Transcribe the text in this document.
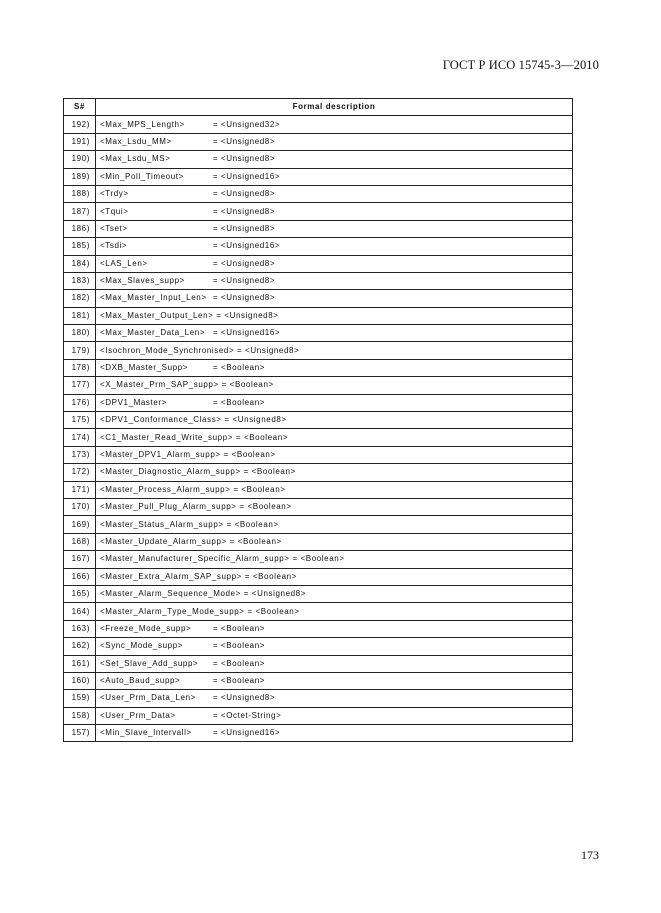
ГОСТ Р ИСО 15745-3—2010
S#	Formal description
192)	<Max_MPS_Length> = <Unsigned32>
191)	<Max_Lsdu_MM> = <Unsigned8>
190)	<Max_Lsdu_MS> = <Unsigned8>
189)	<Min_Poll_Timeout> = <Unsigned16>
188)	<Trdy> = <Unsigned8>
187)	<Tqui> = <Unsigned8>
186)	<Tset> = <Unsigned8>
185)	<Tsdi> = <Unsigned16>
184)	<LAS_Len> = <Unsigned8>
183)	<Max_Slaves_supp> = <Unsigned8>
182)	<Max_Master_Input_Len> = <Unsigned8>
181)	<Max_Master_Output_Len> = <Unsigned8>
180)	<Max_Master_Data_Len> = <Unsigned16>
179)	<Isochron_Mode_Synchronised> = <Unsigned8>
178)	<DXB_Master_Supp> = <Boolean>
177)	<X_Master_Prm_SAP_supp> = <Boolean>
176)	<DPV1_Master> = <Boolean>
175)	<DPV1_Conformance_Class> = <Unsigned8>
174)	<C1_Master_Read_Write_supp> = <Boolean>
173)	<Master_DPV1_Alarm_supp> = <Boolean>
172)	<Master_Diagnostic_Alarm_supp> = <Boolean>
171)	<Master_Process_Alarm_supp> = <Boolean>
170)	<Master_Pull_Plug_Alarm_supp> = <Boolean>
169)	<Master_Status_Alarm_supp> = <Boolean>
168)	<Master_Update_Alarm_supp> = <Boolean>
167)	<Master_Manufacturer_Specific_Alarm_supp> = <Boolean>
166)	<Master_Extra_Alarm_SAP_supp> = <Boolean>
165)	<Master_Alarm_Sequence_Mode> = <Unsigned8>
164)	<Master_Alarm_Type_Mode_supp> = <Boolean>
163)	<Freeze_Mode_supp> = <Boolean>
162)	<Sync_Mode_supp> = <Boolean>
161)	<Set_Slave_Add_supp> = <Boolean>
160)	<Auto_Baud_supp> = <Boolean>
159)	<User_Prm_Data_Len> = <Unsigned8>
158)	<User_Prm_Data> = <Octet-String>
157)	<Min_Slave_Intervall> = <Unsigned16>
173
